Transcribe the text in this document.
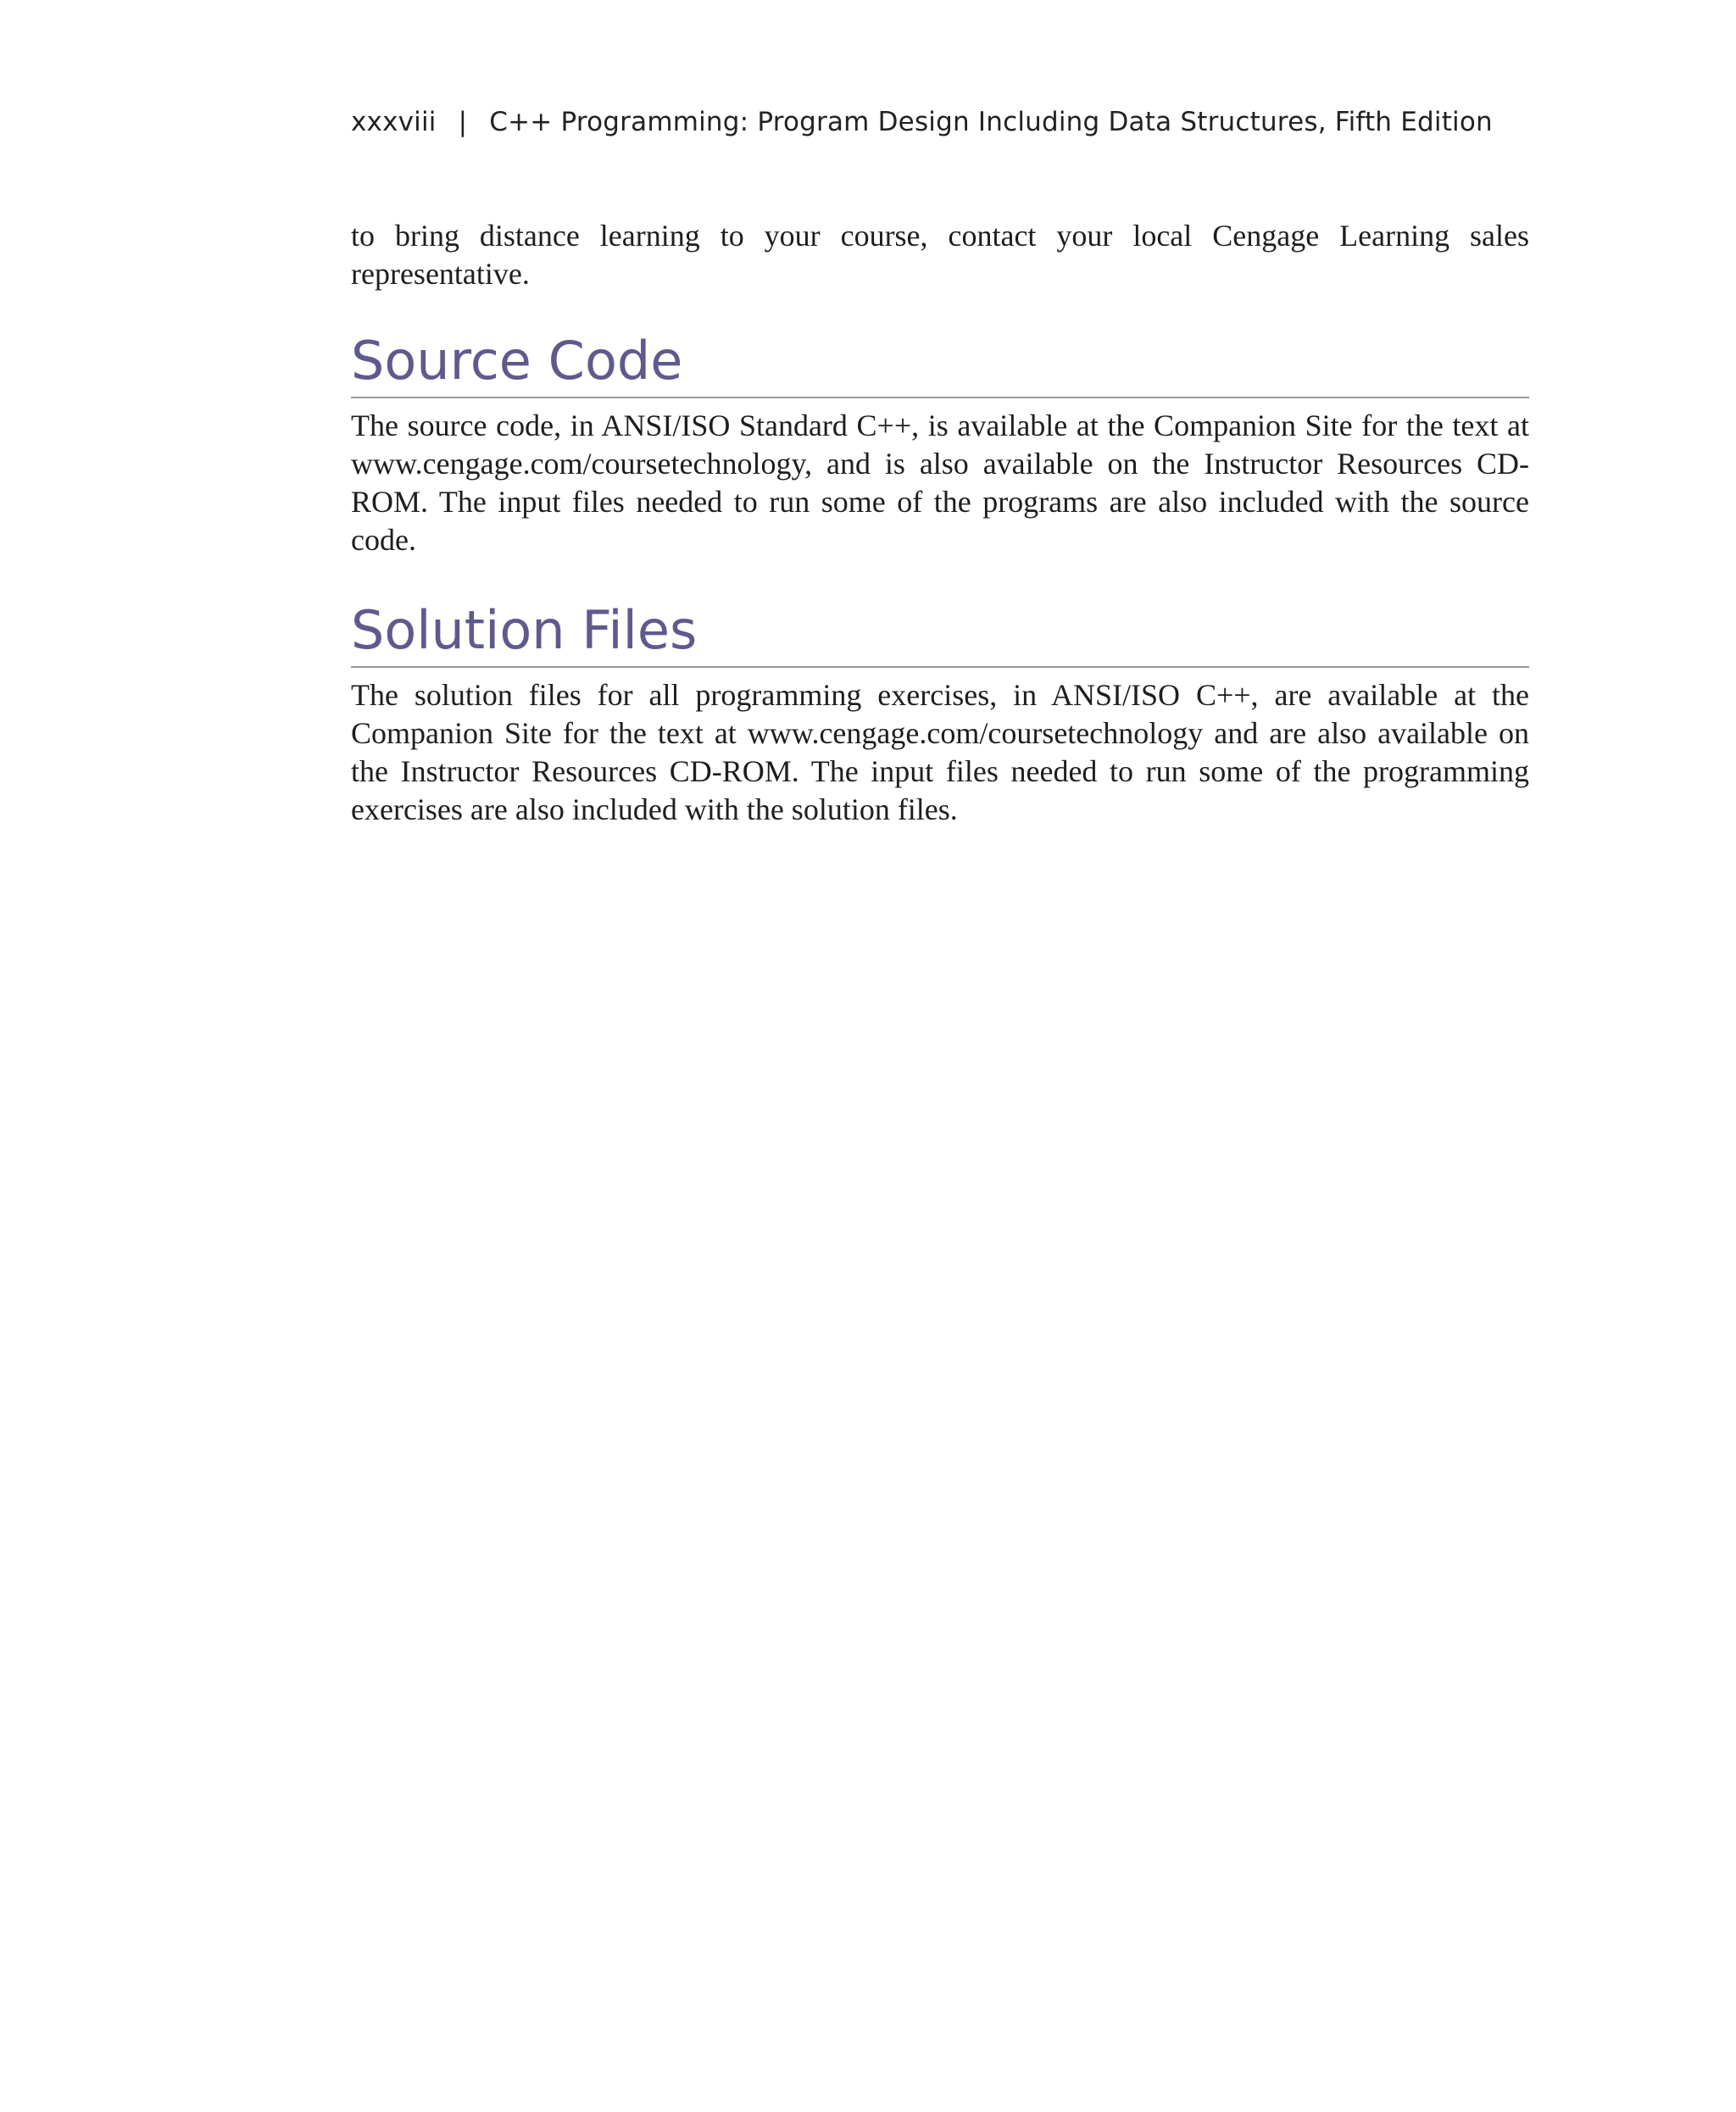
xxxviii | C++ Programming: Program Design Including Data Structures, Fifth Edition

to bring distance learning to your course, contact your local Cengage Learning sales representative.

Source Code

The source code, in ANSI/ISO Standard C++, is available at the Companion Site for the text at www.cengage.com/coursetechnology, and is also available on the Instructor Resources CD-ROM. The input files needed to run some of the programs are also included with the source code.

Solution Files

The solution files for all programming exercises, in ANSI/ISO C++, are available at the Companion Site for the text at www.cengage.com/coursetechnology and are also available on the Instructor Resources CD-ROM. The input files needed to run some of the programming exercises are also included with the solution files.
